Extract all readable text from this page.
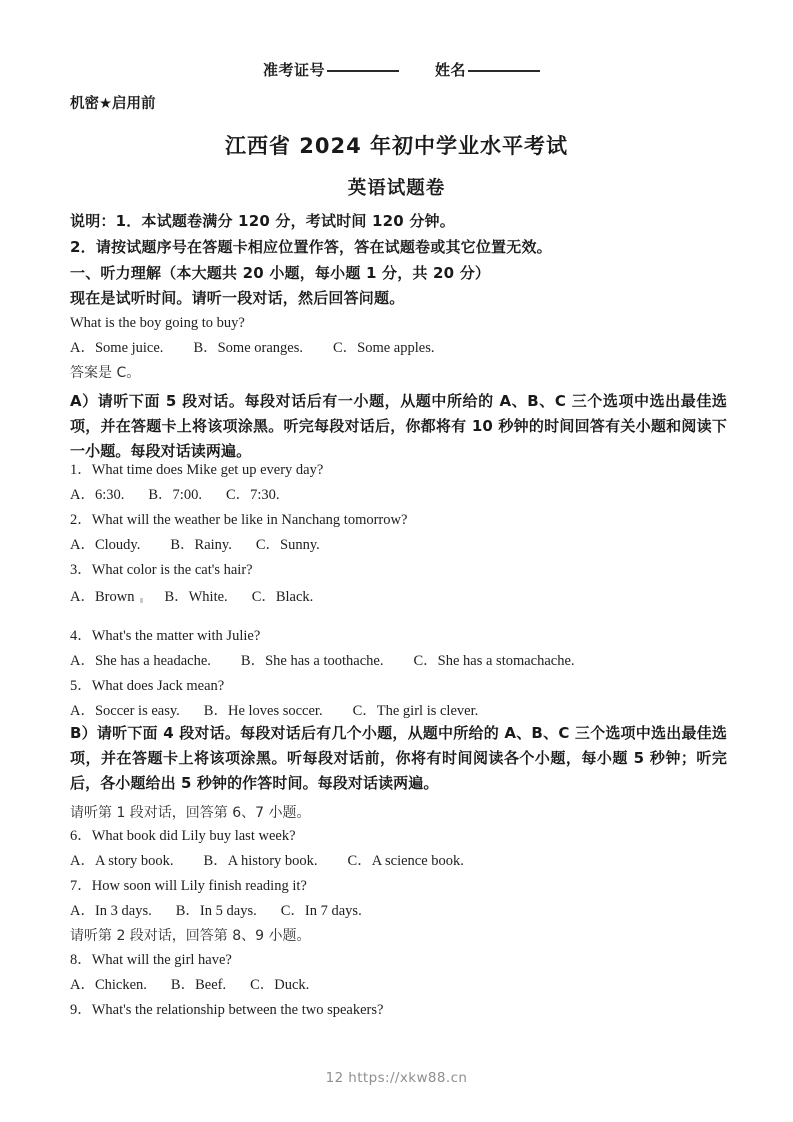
准考证号	姓名
机密★启用前
江西省 2024 年初中学业水平考试
英语试题卷
说明：1．本试题卷满分 120 分，考试时间 120 分钟。
2．请按试题序号在答题卡相应位置作答，答在试题卷或其它位置无效。
一、听力理解（本大题共 20 小题，每小题 1 分，共 20 分）
现在是试听时间。请听一段对话，然后回答问题。
What is the boy going to buy?
A．Some juice. B．Some oranges. C．Some apples.
答案是 C。
A）请听下面 5 段对话。每段对话后有一小题，从题中所给的 A、B、C 三个选项中选出最佳选项，并在答题卡上将该项涂黑。听完每段对话后，你都将有 10 秒钟的时间回答有关小题和阅读下一小题。每段对话读两遍。
1．What time does Mike get up every day?
A．6:30. B．7:00. C．7:30.
2．What will the weather be like in Nanchang tomorrow?
A．Cloudy. B．Rainy. C．Sunny.
3．What color is the cat's hair?
A．Brown B．White. C．Black.
4．What's the matter with Julie?
A．She has a headache. B．She has a toothache. C．She has a stomachache.
5．What does Jack mean?
A．Soccer is easy. B．He loves soccer. C．The girl is clever.
B）请听下面 4 段对话。每段对话后有几个小题，从题中所给的 A、B、C 三个选项中选出最佳选项，并在答题卡上将该项涂黑。听每段对话前，你将有时间阅读各个小题，每小题 5 秒钟；听完后，各小题给出 5 秒钟的作答时间。每段对话读两遍。
请听第 1 段对话，回答第 6、7 小题。
6．What book did Lily buy last week?
A．A story book. B．A history book. C．A science book.
7．How soon will Lily finish reading it?
A．In 3 days. B．In 5 days. C．In 7 days.
请听第 2 段对话，回答第 8、9 小题。
8．What will the girl have?
A．Chicken. B．Beef. C．Duck.
9．What's the relationship between the two speakers?
12 https://xkw88.cn
